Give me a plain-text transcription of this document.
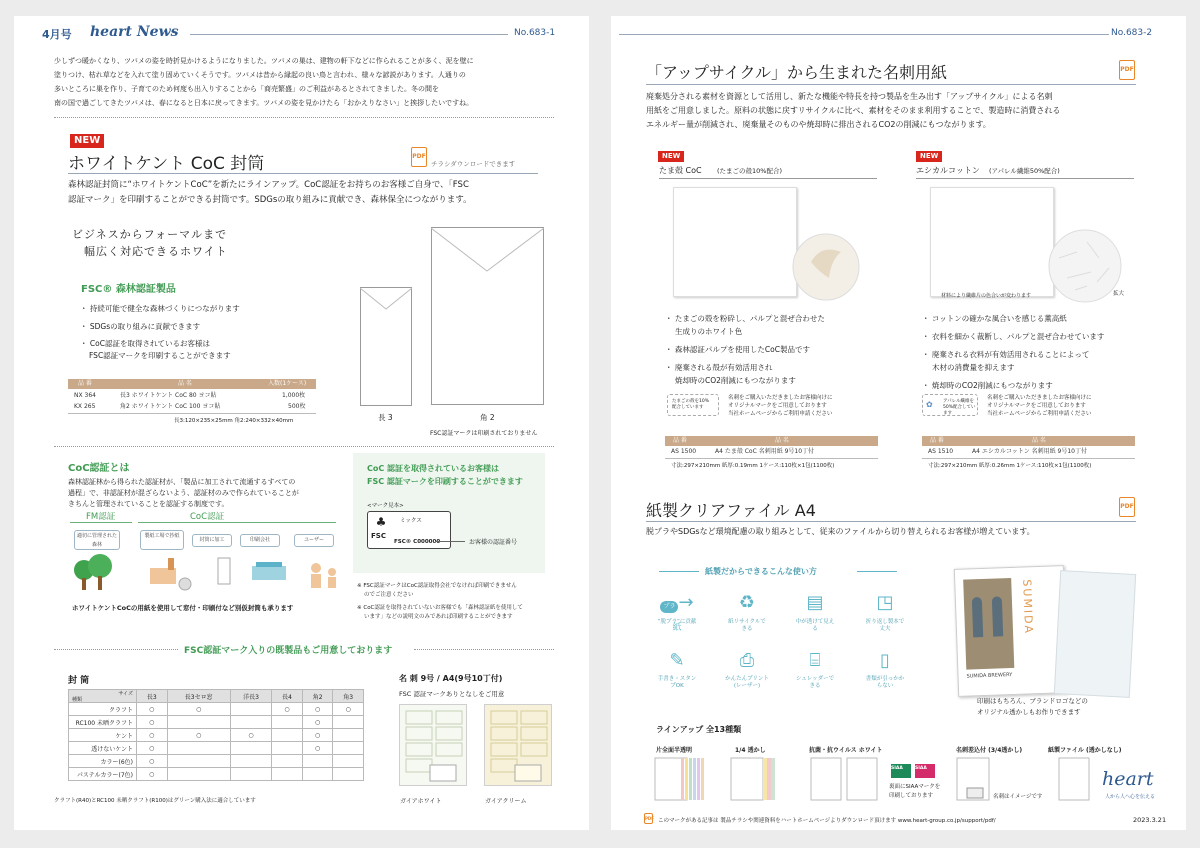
4月号 heart News	No.683-1
少しずつ暖かくなり、ツバメの姿を時折見かけるようになりました。ツバメの巣は、建物の軒下などに作られることが多く、泥を壁に
塗りつけ、枯れ草などを入れて塗り固めていくそうです。ツバメは昔から縁起の良い鳥と言われ、様々な諺説があります。人通りの
多いところに巣を作り、子育てのため何度も出入りすることから「商売繁盛」のご利益があるとされてきました。冬の間を
南の国で過ごしてきたツバメは、春になると日本に戻ってきます。ツバメの姿を見かけたら「おかえりなさい」と挨拶したいですね。
NEW
ホワイトケント CoC 封筒	PDF
チラシダウンロードできます
森林認証封筒に“ホワイトケントCoC”を新たにラインアップ。CoC認証をお持ちのお客様ご自身で、「FSC
認証マーク」を印刷することができる封筒です。SDGsの取り組みに貢献でき、森林保全につながります。
ビジネスからフォーマルまで
幅広く対応できるホワイト
FSC® 森林認証製品
・ 持続可能で健全な森林づくりにつながります
・ SDGsの取り組みに貢献できます
・ CoC認証を取得されているお客様は
FSC認証マークを印刷することができます
品 番	品 名	入数(1ケース)
NX 364	長3 ホワイトケント CoC 80 ヨコ貼	1,000枚
KX 265	角2 ホワイトケント CoC 100 ヨコ貼	500枚
長3:120×235×25mm 角2:240×332×40mm	長 3	角 2
FSC認証マークは印刷されておりません
CoC認証とは
森林認証林から得られた認証材が、「製品に加工されて流通するすべての
過程」で、非認証材が混ざらないよう、認証材のみで作られていることが
きちんと管理されていることを認証する制度です。
FM認証	CoC認証
適切に管理された森林
製紙工場で抄紙
封筒に加工	印刷会社	ユーザー
ホワイトケントCoCの用紙を使用して窓付・印刷付など別仮封筒も承ります
CoC 認証を取得されているお客様は
FSC 認証マークを印刷することができます
<マーク見本>
♣
FSC
ミックス
FSC® C000000	お客様の認証番号
※ FSC認証マークはCoC認証取得会社でなければ印刷できません
のでご注意ください
※ CoC認証を取得されていないお客様でも「森林認証紙を使用して
います」などの説明文のみであれば印刷することができます
FSC認証マーク入りの既製品もご用意しております
封 筒
サイズ
種類	長3	長3セロ窓	洋長3	長4	角2	角3
クラフト	○	○		○	○	○
RC100 未晒クラフト	○				○	
ケント	○	○	○		○	
透けないケント	○				○	
カラー(6色)	○					
パステルカラー(7色)	○					
クラフト(R40)とRC100 未晒クラフト(R100)はグリーン購入法に適合しています
名 刺 9号 / A4(9号10丁付)
FSC 認証マークありとなしをご用意
ガイアホワイト	ガイアクリーム
No.683-2
「アップサイクル」から生まれた名刺用紙	PDF
廃棄処分される素材を資源として活用し、新たな機能や特長を持つ製品を生み出す「アップサイクル」による名刺
用紙をご用意しました。原料の状態に戻すリサイクルに比べ、素材をそのまま利用することで、製造時に消費される
エネルギー量が削減され、廃棄量そのものや焼却時に排出されるCO2の削減にもつながります。
NEW
たま殻 CoC (たまごの殻10%配合)
・ たまごの殻を粉砕し、パルプと混ぜ合わせた
生成りのホワイト色
・ 森林認証パルプを使用したCoC製品です
・ 廃棄される殻が有効活用され
焼却時のCO2削減にもつながります
たまごの殻を10%配合しています
名刺をご購入いただきましたお客様向けに
オリジナルマークをご用意しております
当社ホームページからご利用申請ください
品 番	品 名
AS 1500	A4 たま殻 CoC 名刺用紙 9号10丁付
寸法:297×210mm 紙厚:0.19mm 1ケース:110枚×1包(1100枚)
NEW
エシカルコットン (アパレル繊維50%配合)
材料により繊維片の色合いが変わります	拡大
・ コットンの確かな風合いを感じる薫高紙
・ 衣料を細かく裁断し、パルプと混ぜ合わせています
・ 廃棄される衣料が有効活用されることによって
木材の消費量を抑えます
・ 焼却時のCO2削減にもつながります
アパレル繊維を50%配合しています
✿
名刺をご購入いただきましたお客様向けに
オリジナルマークをご用意しております
当社ホームページからご利用申請ください
品 番	品 名
AS 1510	A4 エシカルコットン 名刺用紙 9号10丁付
寸法:297×210mm 紙厚:0.26mm 1ケース:110枚×1包(1100枚)
紙製クリアファイル A4	PDF
脱プラやSDGsなど環境配慮の取り組みとして、従来のファイルから切り替えられるお客様が増えています。
紙製だからできるこんな使い方
プラ →紙
“脱プラ”に貢献
♻
紙リサイクルできる
▤
中が透けて見える
◳
折り返し製本で丈夫
✎
手書き・スタンプOK
⎙
かんたんプリント(レーザー)
⌸
シュレッダーできる
▯
書類が引っかからない
SUMIDA
SUMIDA BREWERY
印刷はもちろん、ブランドロゴなどの
オリジナル透かしもお作りできます
ラインアップ 全13種類
片全面半透明	1/4 透かし	抗菌・抗ウイルス ホワイト	名刺差込付 (3/4透かし)	紙製ファイル (透かしなし)
SIAA	SIAA
裏面にSIAAマークを
印刷しております	名刺はイメージです
heart
人から人へ心を伝える
PDF このマークがある記事は 製品チラシや関連資料をハートホームページよりダウンロード頂けます www.heart-group.co.jp/support/pdf/	2023.3.21
